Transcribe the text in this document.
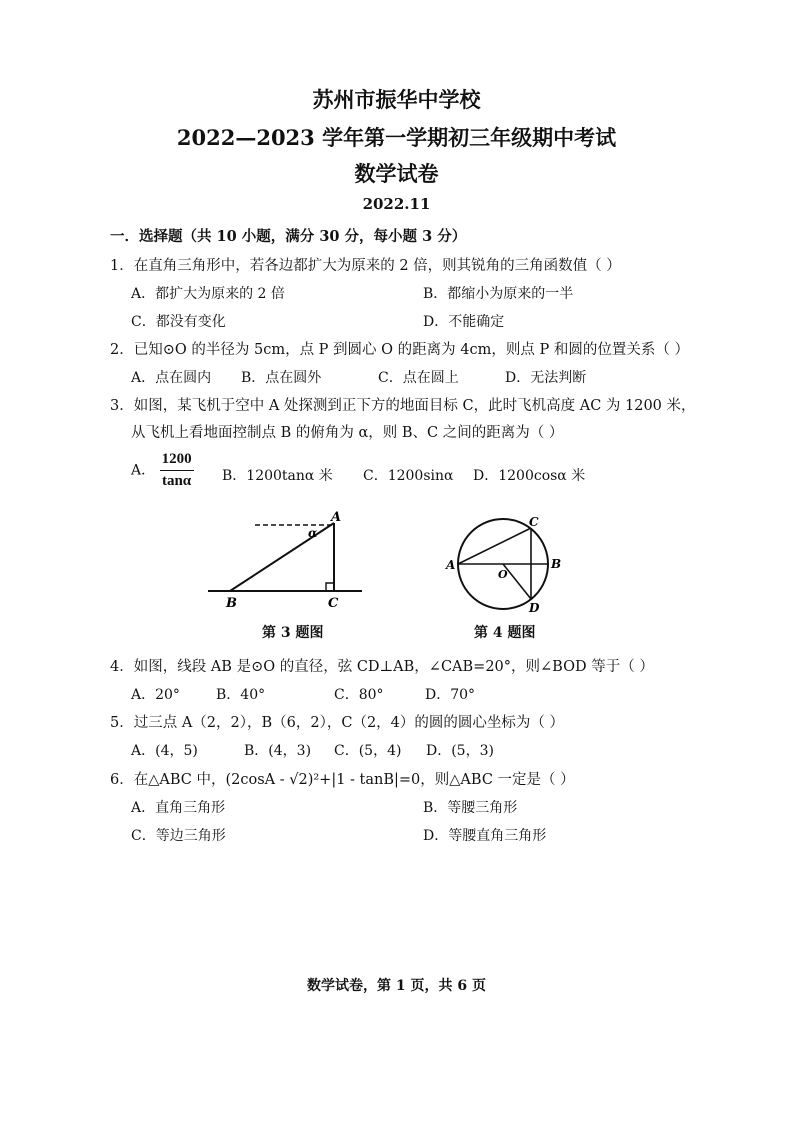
苏州市振华中学校
2022—2023 学年第一学期初三年级期中考试
数学试卷
2022.11
一．选择题（共 10 小题，满分 30 分，每小题 3 分）
1．在直角三角形中，若各边都扩大为原来的 2 倍，则其锐角的三角函数值（ ）
A．都扩大为原来的 2 倍	B．都缩小为原来的一半
C．都没有变化	D．不能确定
2．已知⊙O 的半径为 5cm，点 P 到圆心 O 的距离为 4cm，则点 P 和圆的位置关系（ ）
A．点在圆内 B．点在圆外	C．点在圆上	D．无法判断
3．如图，某飞机于空中 A 处探测到正下方的地面目标 C，此时飞机高度 AC 为 1200 米，
从飞机上看地面控制点 B 的俯角为 α，则 B、C 之间的距离为（ ）
A． $\frac{1200}{\tan\alpha}$ B．1200tanα 米 C．1200sinα D．1200cosα 米
A
α
B	C
第 3 题图
A	B
C
D
O
第 4 题图
4．如图，线段 AB 是⊙O 的直径，弦 CD⊥AB，∠CAB=20°，则∠BOD 等于（ ）
A．20°	B．40°	C．80°	D．70°
5．过三点 A（2，2），B（6，2），C（2，4）的圆的圆心坐标为（ ）
A．(4，5)	B．(4，3) C．(5，4) D．(5，3)
6．在△ABC 中，(2cosA - √2)²+|1 - tanB|=0，则△ABC 一定是（ ）
A．直角三角形	B．等腰三角形
C．等边三角形	D．等腰直角三角形
数学试卷，第 1 页，共 6 页
